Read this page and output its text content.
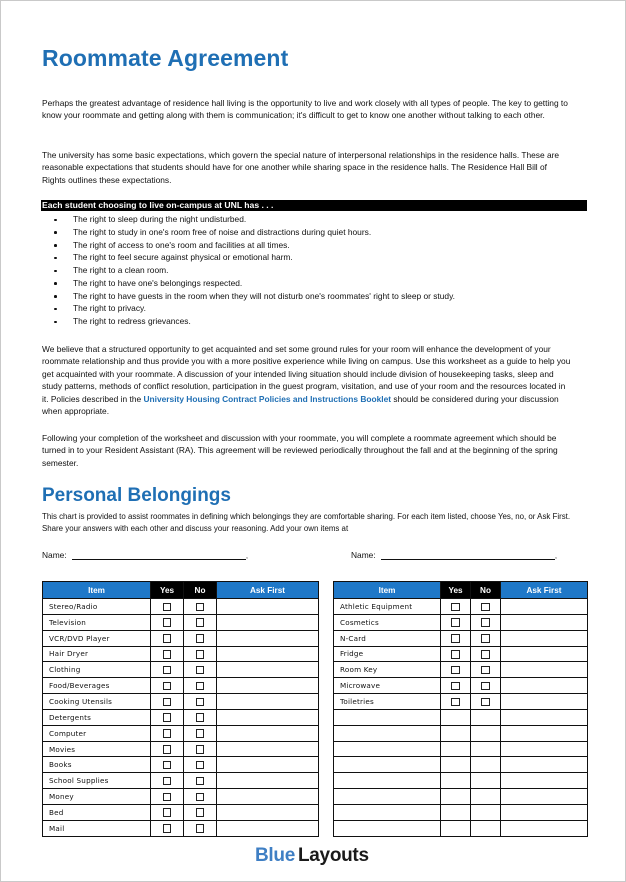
Roommate Agreement

Perhaps the greatest advantage of residence hall living is the opportunity to live and work closely with all types of people. The key to getting to know your roommate and getting along with them is communication; it's difficult to get to know one another without talking to each other.

The university has some basic expectations, which govern the special nature of interpersonal relationships in the residence halls. These are reasonable expectations that students should have for one another while sharing space in the residence halls. The Residence Hall Bill of Rights outlines these expectations.

Each student choosing to live on-campus at UNL has . . .
The right to sleep during the night undisturbed.
The right to study in one's room free of noise and distractions during quiet hours.
The right of access to one's room and facilities at all times.
The right to feel secure against physical or emotional harm.
The right to a clean room.
The right to have one's belongings respected.
The right to have guests in the room when they will not disturb one's roommates' right to sleep or study.
The right to privacy.
The right to redress grievances.

We believe that a structured opportunity to get acquainted and set some ground rules for your room will enhance the development of your roommate relationship and thus provide you with a more positive experience while living on campus. Use this worksheet as a guide to help you get acquainted with your roommate. A discussion of your intended living situation should include division of housekeeping tasks, sleep and study patterns, methods of conflict resolution, participation in the guest program, visitation, and use of your room and the resources located in it. Policies described in the University Housing Contract Policies and Instructions Booklet should be considered during your discussion when appropriate.

Following your completion of the worksheet and discussion with your roommate, you will complete a roommate agreement which should be turned in to your Resident Assistant (RA). This agreement will be reviewed periodically throughout the fall and at the beginning of the spring semester.

Personal Belongings

This chart is provided to assist roommates in defining which belongings they are comfortable sharing. For each item listed, choose Yes, no, or Ask First. Share your answers with each other and discuss your reasoning. Add your own items at

Name:	,	Name:	,
Item	Yes	No	Ask First
Stereo/Radio			
Television			
VCR/DVD Player			
Hair Dryer			
Clothing			
Food/Beverages			
Cooking Utensils			
Detergents			
Computer			
Movies			
Books			
School Supplies			
Money			
Bed			
Mail			
Item	Yes	No	Ask First
Athletic Equipment			
Cosmetics			
N-Card			
Fridge			
Room Key			
Microwave			
Toiletries			

Blue Layouts
